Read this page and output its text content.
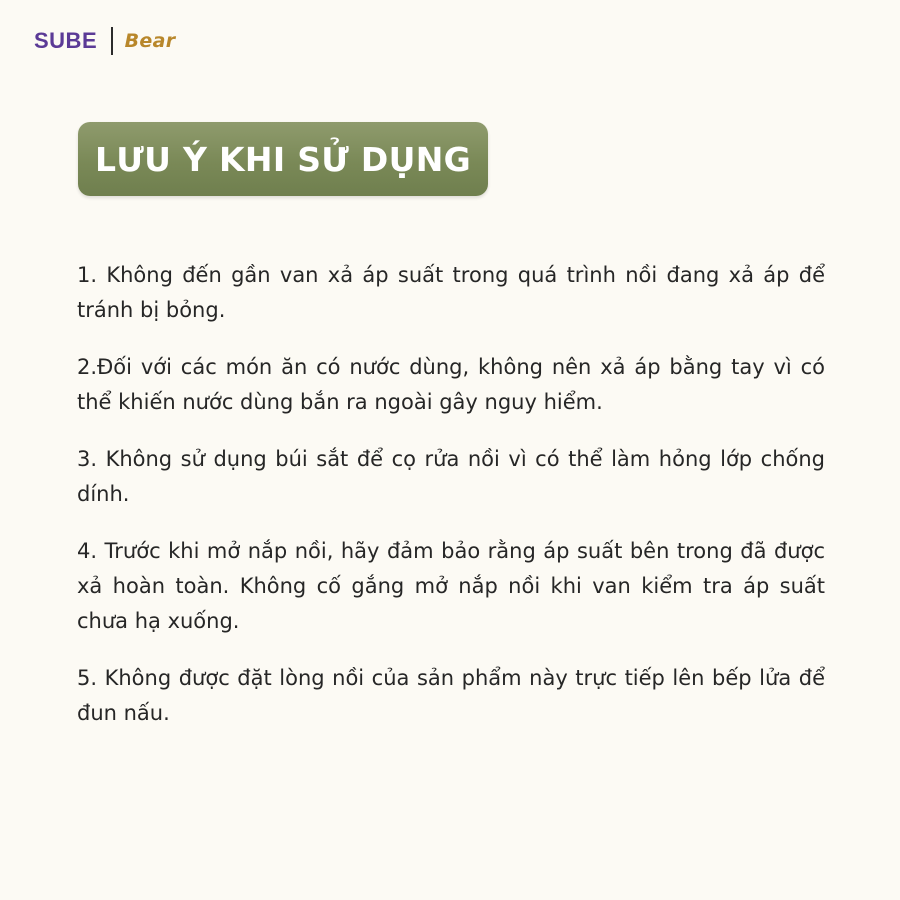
SUBE Bear
LƯU Ý KHI SỬ DỤNG
1. Không đến gần van xả áp suất trong quá trình nồi đang xả áp để tránh bị bỏng.
2.Đối với các món ăn có nước dùng, không nên xả áp bằng tay vì có thể khiến nước dùng bắn ra ngoài gây nguy hiểm.
3. Không sử dụng búi sắt để cọ rửa nồi vì có thể làm hỏng lớp chống dính.
4. Trước khi mở nắp nồi, hãy đảm bảo rằng áp suất bên trong đã được xả hoàn toàn. Không cố gắng mở nắp nồi khi van kiểm tra áp suất chưa hạ xuống.
5. Không được đặt lòng nồi của sản phẩm này trực tiếp lên bếp lửa để đun nấu.
